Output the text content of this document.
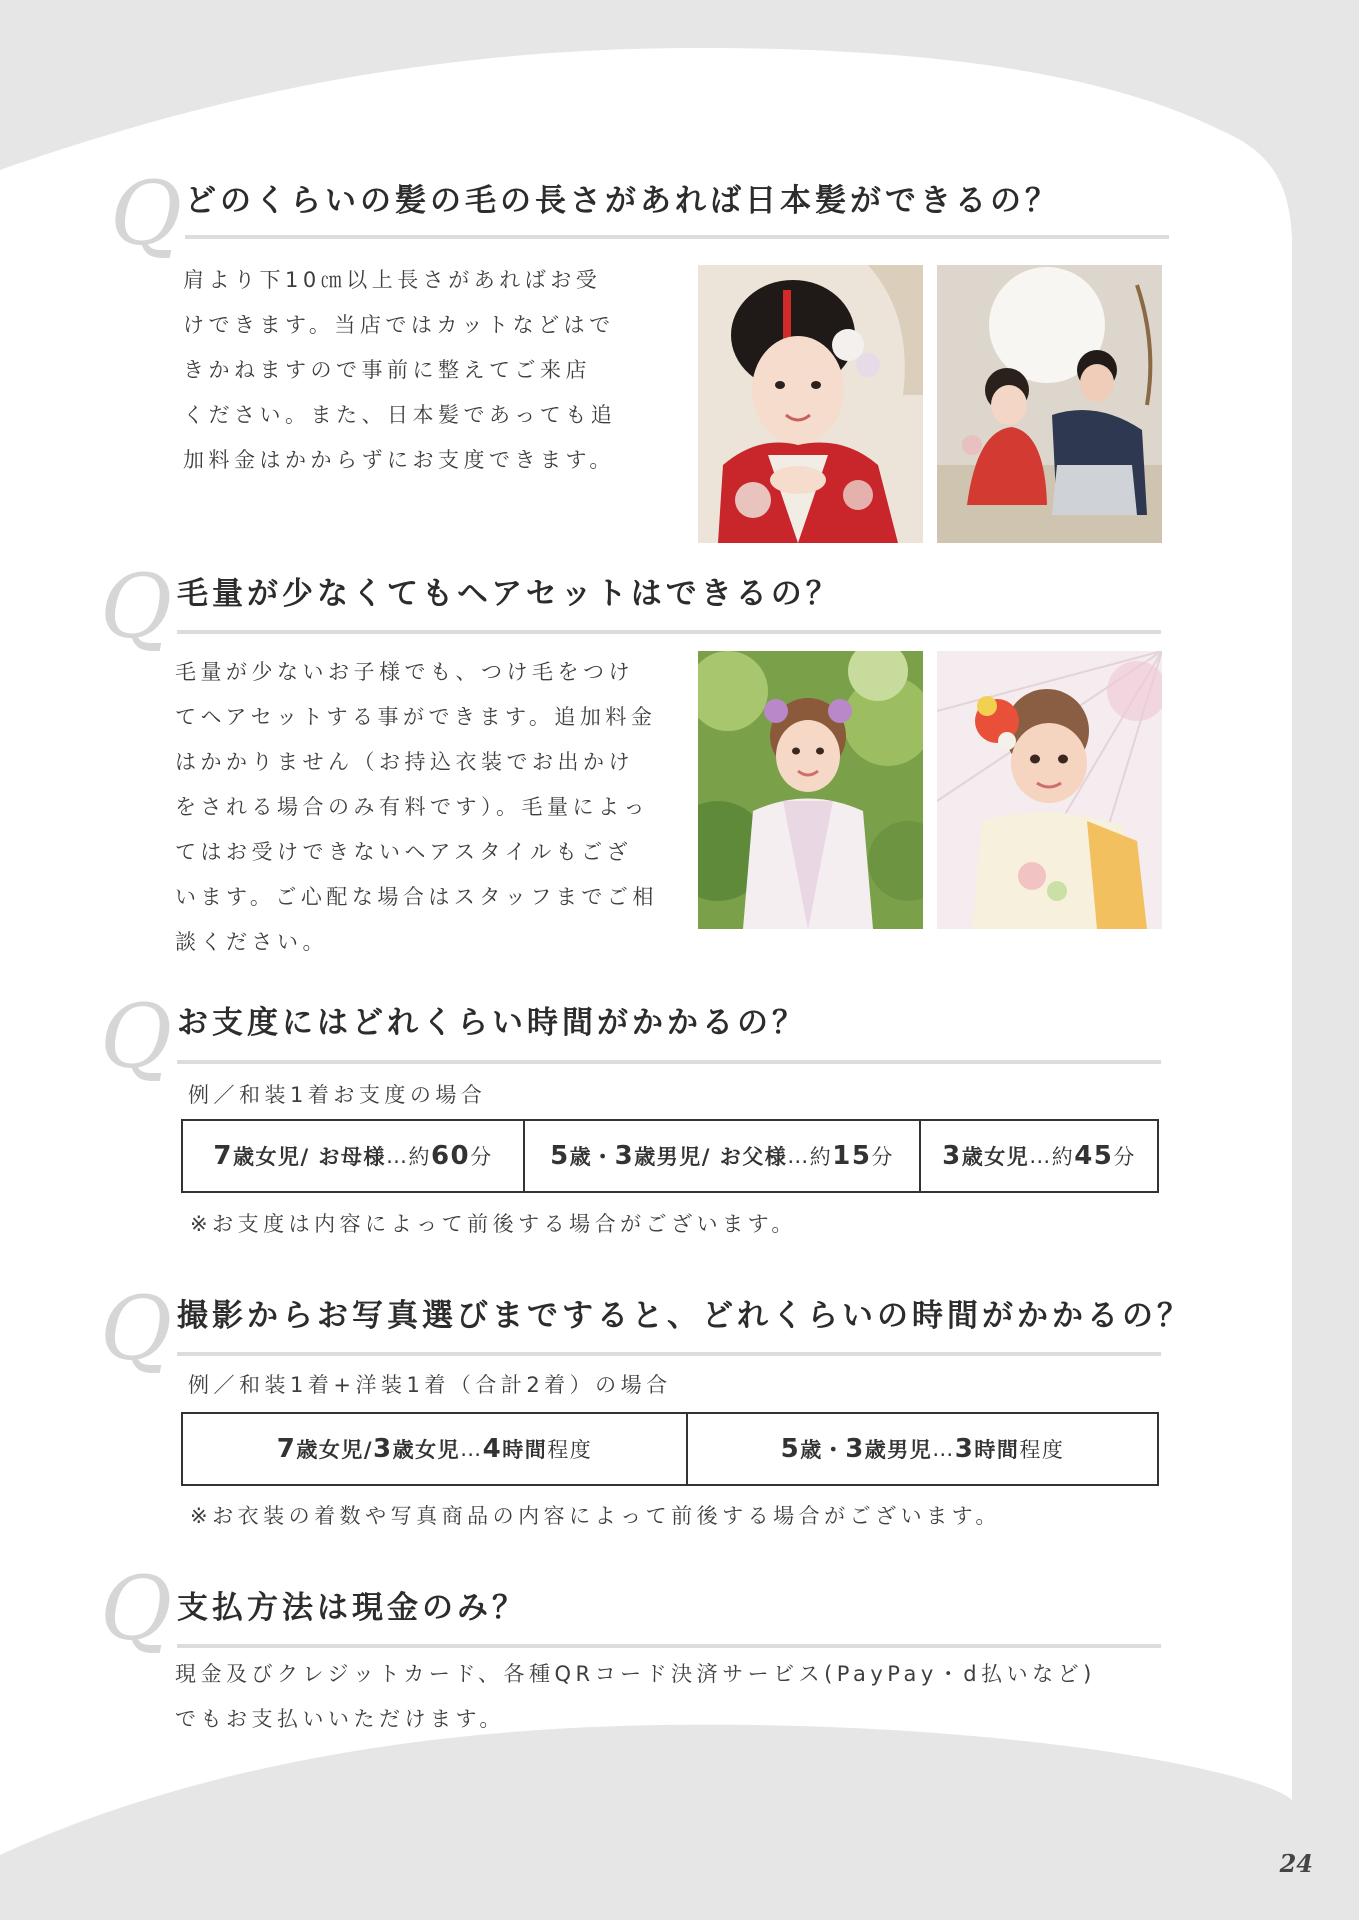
Q どのくらいの髪の毛の長さがあれば日本髪ができるの？
肩より下10㎝以上長さがあればお受
けできます。当店ではカットなどはで
きかねますので事前に整えてご来店
ください。また、日本髪であっても追
加料金はかからずにお支度できます。
Q 毛量が少なくてもヘアセットはできるの？
毛量が少ないお子様でも、つけ毛をつけ
てヘアセットする事ができます。追加料金
はかかりません（お持込衣装でお出かけ
をされる場合のみ有料です）。毛量によっ
てはお受けできないヘアスタイルもござ
います。ご心配な場合はスタッフまでご相
談ください。
Q お支度にはどれくらい時間がかかるの？
例／和装1着お支度の場合
7 歳女児/ お母様 … 約 60 分 5 歳・ 3 歳男児/ お父様 … 約 15 分 3 歳女児 … 約 45 分
※お支度は内容によって前後する場合がございます。
Q 撮影からお写真選びまですると、どれくらいの時間がかかるの？
例／和装1着+洋装1着（合計2着）の場合
7 歳女児/ 3 歳女児 … 4 時間 程度	5 歳・ 3 歳男児 … 3 時間 程度
※お衣装の着数や写真商品の内容によって前後する場合がございます。
Q 支払方法は現金のみ？
現金及びクレジットカード、各種QRコード決済サービス(PayPay・d払いなど)
でもお支払いいただけます。
24
